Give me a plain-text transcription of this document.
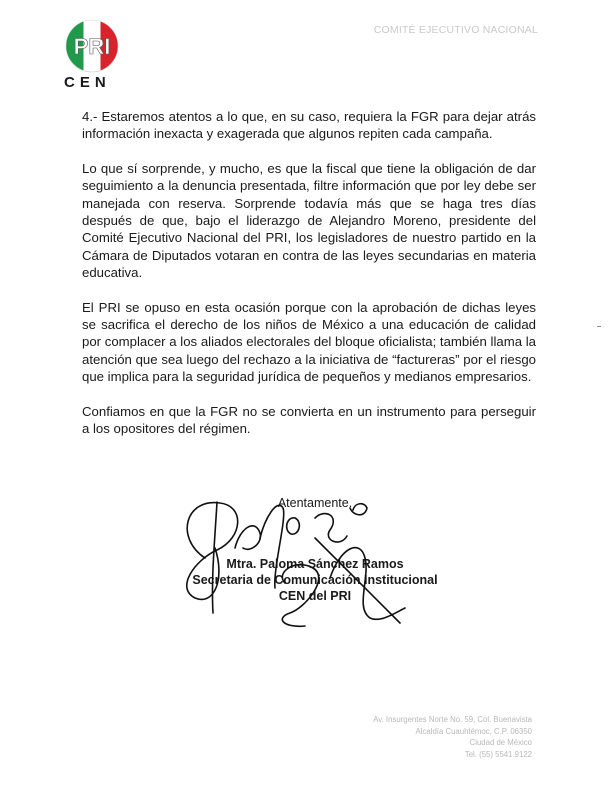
PRI
CEN
COMITÉ EJECUTIVO NACIONAL

4.- Estaremos atentos a lo que, en su caso, requiera la FGR para dejar atrás información inexacta y exagerada que algunos repiten cada campaña.

Lo que sí sorprende, y mucho, es que la fiscal que tiene la obligación de dar seguimiento a la denuncia presentada, filtre información que por ley debe ser manejada con reserva. Sorprende todavía más que se haga tres días después de que, bajo el liderazgo de Alejandro Moreno, presidente del Comité Ejecutivo Nacional del PRI, los legisladores de nuestro partido en la Cámara de Diputados votaran en contra de las leyes secundarias en materia educativa.

El PRI se opuso en esta ocasión porque con la aprobación de dichas leyes se sacrifica el derecho de los niños de México a una educación de calidad por complacer a los aliados electorales del bloque oficialista; también llama la atención que sea luego del rechazo a la iniciativa de “factureras” por el riesgo que implica para la seguridad jurídica de pequeños y medianos empresarios.

Confiamos en que la FGR no se convierta en un instrumento para perseguir a los opositores del régimen.

Atentamente.
Mtra. Paloma Sánchez Ramos
Secretaria de Comunicación Institucional
CEN del PRI
Av. Insurgentes Norte No. 59, Col. Buenavista
Alcaldía Cuauhtémoc, C.P. 06350
Ciudad de México
Tel. (55) 5541.9122
